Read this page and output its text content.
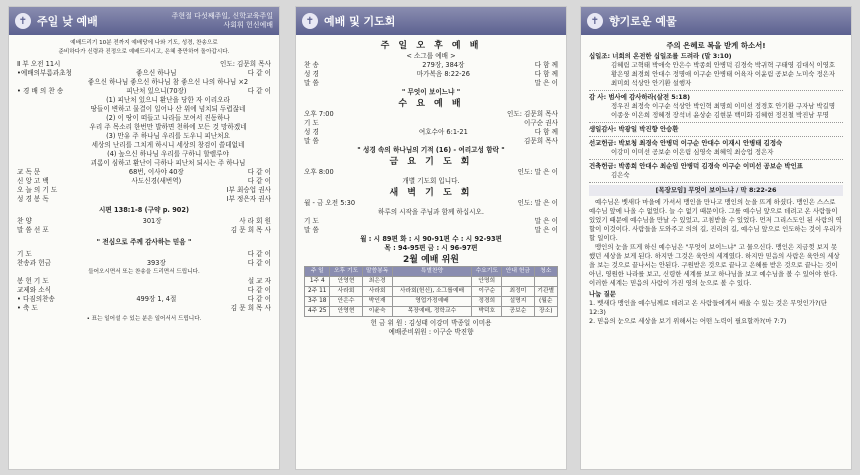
✝ 주일 낮 예배	주현절 다섯째주일, 신학교육주일
사회휘 헌신예배
예배드리기 10분 전까지 예배당에 나와 기도, 성경, 찬송으로
준비하다가 신령과 진정으로 예배드리시고, 은혜 충만하여 돌아갑시다.
Ⅱ 부 오전 11시	인도: 김문희 목사
•예배의부름과초청	좋으신 하나님	다 같 이
좋으신 하나님 좋으신 하나님 참 좋으신 나의 하나님 ×2
• 경 배 의 찬 송	피난처 있으니(70장)	다 같 이
(1) 피난처 있으니 환난을 당한 자 이리오라
땅들이 변하고 물결이 일어나 산 위에 넘치되 두렵잖네
(2) 이 땅이 떠들고 나라들 모여서 진동하나
우리 주 목소리 한번만 발하면 천하에 모든 것 망하겠네
(3) 만유 주 하나님 우리를 도우니 피난처요
세상의 난리를 그치게 하시니 세상의 창검이 쓸데없네
(4) 높으신 하나님 우리를 구하니 할렐루야
괴롬이 심하고 환난이 극하나 피난처 되시는 주 하나님
교 독 문	68번, 이사야 40장	다 같 이
신 앙 고 백	사도신경(새번역)	다 같 이
오 늘 의 기 도	Ⅰ부 최승업 권사
성 경 봉 독	Ⅰ부 정은자 권사
시편 138:1-8 (구약 p. 902)
찬 양	301장	사 라 회 원
말 씀 선 포	김 문 희 목 사
" 전심으로 주께 감사하는 믿음 "
기 도	다 같 이
찬송과 헌금	393장	다 같 이
들어오시면서 또는 찬송을 드리면서 드립니다.
봉 헌 기 도	설 교 자
교제와 소식	다 같 이
• 다짐의찬송	499장 1, 4절	다 같 이
• 축 도	김 문 희 목 사
• 표는 일어설 수 있는 분은 일어서서 드립니다.
✝ 예배 및 기도회
주 일 오 후 예 배
< 소그룹 예배 >
찬 송	279장, 384장	다 함 께
성 경	마가복음 8:22-26	다 함 께
말 씀	말 은 이
" 무엇이 보이느냐 "
수 요 예 배
오후 7:00	인도: 김문희 목사
기 도	이구순 권사
성 경	여호수아 6:1-21	다 함 께
말 씀	김문희 목사
" 성경 속의 하나님의 기적 (16) - 여리고성 함락 "
금 요 기 도 회
오후 8:00	인도: 말 은 이
개별 기도회 입니다.
새 벽 기 도 회
월 - 금 오전 5:30	인도: 말 은 이
하루의 시작을 주님과 함께 하십시오.
기 도	말 은 이
말 씀	말 은 이
월 : 시 89편 화 : 시 90-91편 수 : 시 92-93편
목 : 94-95편 금 : 시 96-97편
2월 예배 위원
주 일	오후 기도	말씀봉독	특별찬양	수요기도	안내 헌금	청소
1주 4	안영현	최은경		안명희		
2주 11	사라회	사라회	사라회(헌신), 소그룹예배	이구순	최정미	기관별
3주 18	안은수	박인재	영업가정예배	정경희	설명지	(월순
4주 25	안영현	이윤숙	목장예배, 정학교수	박덕호	공보순	장소)
헌 금 위 원 : 김성태 이강미 박종일 이미용
예배준비위원 : 이구순 박진향
✝ 향기로운 예물
주의 은혜로 복을 받게 하소서!
십일조: 너희의 온전한 십일조를 드려라 (말 3:10)
김혜림 고혁태 박애숙 안은수 박종희 안병덕 김경숙 박귀혁 구태영 김대식 이영호 황은영 최경희 안대수 정명애 이구순 안병태 어육자 이윤림 공보순 노미숙 정은자 최미희 석상안 안기환 설행자
감 사: 범사에 감사하라(살전 5:18)
정우진 최정숙 이구순 석상안 박인혁 최명희 이미선 정경호 안기환 구자남 박길명 이종웅 이은희 정혜경 장석녀 윤상순 김현분 백미화 김혜현 정진철 박진남 무명
생일감사: 박광일 박진향 안승환
선교헌금: 박보청 최경숙 안병덕 이구순 안대수 이재시 안병태 김정숙
이강미 이미선 공보순 이은림 심영숙 최혜익 최승업 정은자
건축헌금: 박종희 안대수 최순임 안병덕 김경숙 이구순 이미선 공보순 박인표
김은숙
[목장모임] 무엇이 보이느냐 / 막 8:22-26
예수님은 벳새다 마을에 가셔서 맹인을 만나고 맹인의 눈을 뜨게 하셨다. 맹인은 스스로 예수님 앞에 나올 수 없었다. 늘 수 없기 때문이다. 그를 예수님 앞으로 데려고 온 사람들이 있었기 때문에 예수님을 만날 수 있었고, 고침받을 수 있었다. 먼저 그리스도인 된 사람의 역할이 이것이다. 사람들을 도와주고 의의 길, 진리의 길, 예수님 앞으로 인도하는 것이 우리가 할 일이다.
맹인의 눈을 뜨게 하신 예수님은 "무엇이 보이느냐" 고 물으신다. 맹인은 지금껏 보지 못했던 세상을 보게 된다. 하지만 그것은 육안의 세계였다. 하지만 믿음의 사람은 육안의 세상을 보는 것으로 끝나서는 안된다. 구원받은 것으로 끝나고 은혜를 받은 것으로 끝나는 것이 아닌, 영원한 나라를 보고, 신령한 세계를 보고 하나님을 보고 예수님을 볼 수 있어야 한다. 이러한 세계는 믿음의 사람이 가진 영의 눈으로 볼 수 있다.
나눔 질문
1. 벳새다 맹인을 예수님께로 데려고 온 사람들에게서 배울 수 있는 것은 무엇인가?(단 12:3)
2. 믿음의 눈으로 세상을 보기 위해서는 어떤 노력이 필요할까?(마 7:7)
